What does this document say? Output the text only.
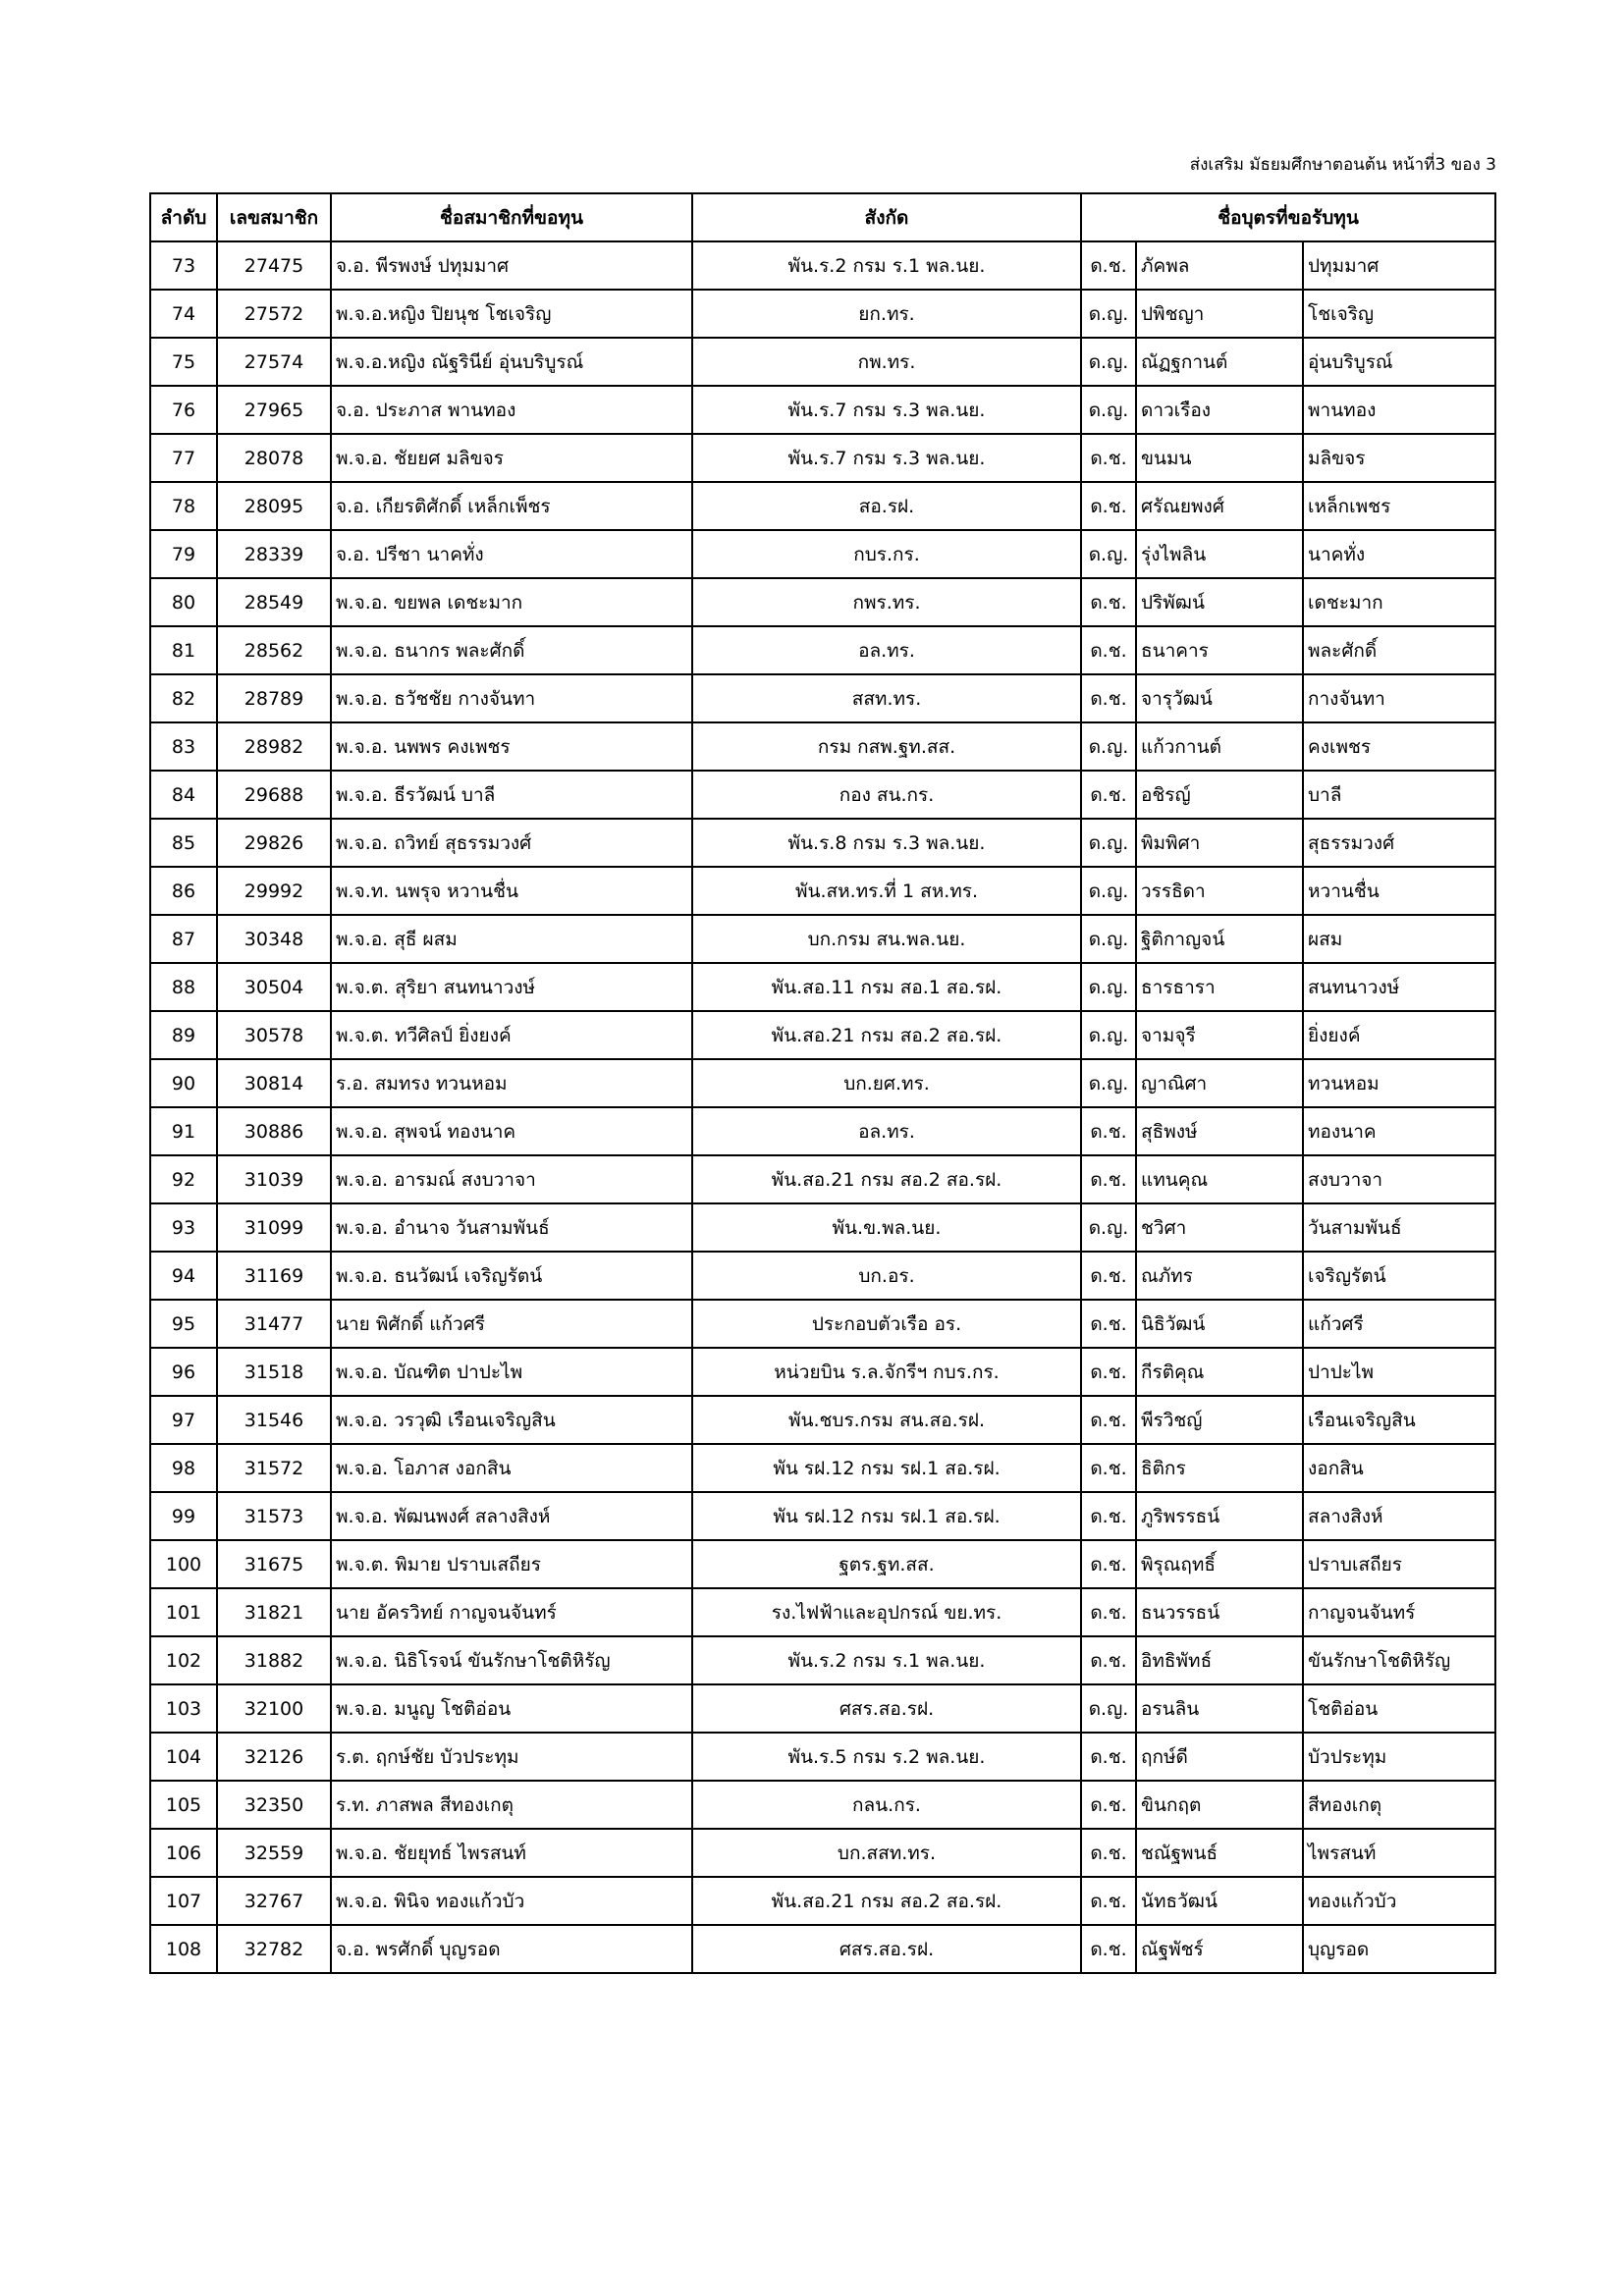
ส่งเสริม มัธยมศึกษาตอนต้น หน้าที่3 ของ 3
ลำดับ	เลขสมาชิก	ชื่อสมาชิกที่ขอทุน	สังกัด	ชื่อบุตรที่ขอรับทุน		
73	27475	จ.อ. พีรพงษ์ ปทุมมาศ	พัน.ร.2 กรม ร.1 พล.นย.	ด.ช.	ภัคพล	ปทุมมาศ
74	27572	พ.จ.อ.หญิง ปิยนุช โชเจริญ	ยก.ทร.	ด.ญ.	ปพิชญา	โชเจริญ
75	27574	พ.จ.อ.หญิง ณัฐรินีย์ อุ่นบริบูรณ์	กพ.ทร.	ด.ญ.	ณัฏฐกานต์	อุ่นบริบูรณ์
76	27965	จ.อ. ประภาส พานทอง	พัน.ร.7 กรม ร.3 พล.นย.	ด.ญ.	ดาวเรือง	พานทอง
77	28078	พ.จ.อ. ชัยยศ มลิขจร	พัน.ร.7 กรม ร.3 พล.นย.	ด.ช.	ขนมน	มลิขจร
78	28095	จ.อ. เกียรติศักดิ์ เหล็กเพ็ชร	สอ.รฝ.	ด.ช.	ศรัณยพงศ์	เหล็กเพชร
79	28339	จ.อ. ปรีชา นาคทั่ง	กบร.กร.	ด.ญ.	รุ่งไพลิน	นาคทั่ง
80	28549	พ.จ.อ. ขยพล เดชะมาก	กพร.ทร.	ด.ช.	ปริพัฒน์	เดชะมาก
81	28562	พ.จ.อ. ธนากร พละศักดิ์	อล.ทร.	ด.ช.	ธนาคาร	พละศักดิ์
82	28789	พ.จ.อ. ธวัชชัย กางจันทา	สสท.ทร.	ด.ช.	จารุวัฒน์	กางจันทา
83	28982	พ.จ.อ. นพพร คงเพชร	กรม กสพ.ฐท.สส.	ด.ญ.	แก้วกานต์	คงเพชร
84	29688	พ.จ.อ. ธีรวัฒน์ บาลี	กอง สน.กร.	ด.ช.	อชิรญ์	บาลี
85	29826	พ.จ.อ. ถวิทย์ สุธรรมวงศ์	พัน.ร.8 กรม ร.3 พล.นย.	ด.ญ.	พิมพิศา	สุธรรมวงศ์
86	29992	พ.จ.ท. นพรุจ หวานชื่น	พัน.สห.ทร.ที่ 1 สห.ทร.	ด.ญ.	วรรธิดา	หวานชื่น
87	30348	พ.จ.อ. สุธี ผสม	บก.กรม สน.พล.นย.	ด.ญ.	ฐิติกาญจน์	ผสม
88	30504	พ.จ.ต. สุริยา สนทนาวงษ์	พัน.สอ.11 กรม สอ.1 สอ.รฝ.	ด.ญ.	ธารธารา	สนทนาวงษ์
89	30578	พ.จ.ต. ทวีศิลป์ ยิ่งยงค์	พัน.สอ.21 กรม สอ.2 สอ.รฝ.	ด.ญ.	จามจุรี	ยิ่งยงค์
90	30814	ร.อ. สมทรง ทวนหอม	บก.ยศ.ทร.	ด.ญ.	ญาณิศา	ทวนหอม
91	30886	พ.จ.อ. สุพจน์ ทองนาค	อล.ทร.	ด.ช.	สุธิพงษ์	ทองนาค
92	31039	พ.จ.อ. อารมณ์ สงบวาจา	พัน.สอ.21 กรม สอ.2 สอ.รฝ.	ด.ช.	แทนคุณ	สงบวาจา
93	31099	พ.จ.อ. อำนาจ วันสามพันธ์	พัน.ข.พล.นย.	ด.ญ.	ชวิศา	วันสามพันธ์
94	31169	พ.จ.อ. ธนวัฒน์ เจริญรัตน์	บก.อร.	ด.ช.	ณภัทร	เจริญรัตน์
95	31477	นาย พิศักดิ์ แก้วศรี	ประกอบตัวเรือ อร.	ด.ช.	นิธิวัฒน์	แก้วศรี
96	31518	พ.จ.อ. บัณฑิต ปาปะไพ	หน่วยบิน ร.ล.จักรีฯ กบร.กร.	ด.ช.	กีรติคุณ	ปาปะไพ
97	31546	พ.จ.อ. วรวุฒิ เรือนเจริญสิน	พัน.ชบร.กรม สน.สอ.รฝ.	ด.ช.	พีรวิชญ์	เรือนเจริญสิน
98	31572	พ.จ.อ. โอภาส งอกสิน	พัน รฝ.12 กรม รฝ.1 สอ.รฝ.	ด.ช.	ธิติกร	งอกสิน
99	31573	พ.จ.อ. พัฒนพงศ์ สลางสิงห์	พัน รฝ.12 กรม รฝ.1 สอ.รฝ.	ด.ช.	ภูริพรรธน์	สลางสิงห์
100	31675	พ.จ.ต. พิมาย ปราบเสถียร	ฐตร.ฐท.สส.	ด.ช.	พิรุณฤทธิ์	ปราบเสถียร
101	31821	นาย อัครวิทย์ กาญจนจันทร์	รง.ไฟฟ้าและอุปกรณ์ ขย.ทร.	ด.ช.	ธนวรรธน์	กาญจนจันทร์
102	31882	พ.จ.อ. นิธิโรจน์ ขันรักษาโชติหิรัญ	พัน.ร.2 กรม ร.1 พล.นย.	ด.ช.	อิทธิพัทธ์	ขันรักษาโชติหิรัญ
103	32100	พ.จ.อ. มนูญ โชติอ่อน	ศสร.สอ.รฝ.	ด.ญ.	อรนลิน	โชติอ่อน
104	32126	ร.ต. ฤกษ์ชัย บัวประทุม	พัน.ร.5 กรม ร.2 พล.นย.	ด.ช.	ฤกษ์ดี	บัวประทุม
105	32350	ร.ท. ภาสพล สีทองเกตุ	กลน.กร.	ด.ช.	ขินกฤต	สีทองเกตุ
106	32559	พ.จ.อ. ชัยยุทธ์ ไพรสนท์	บก.สสท.ทร.	ด.ช.	ชณัฐพนธ์	ไพรสนท์
107	32767	พ.จ.อ. พินิจ ทองแก้วบัว	พัน.สอ.21 กรม สอ.2 สอ.รฝ.	ด.ช.	นัทธวัฒน์	ทองแก้วบัว
108	32782	จ.อ. พรศักดิ์ บุญรอด	ศสร.สอ.รฝ.	ด.ช.	ณัฐพัชร์	บุญรอด
